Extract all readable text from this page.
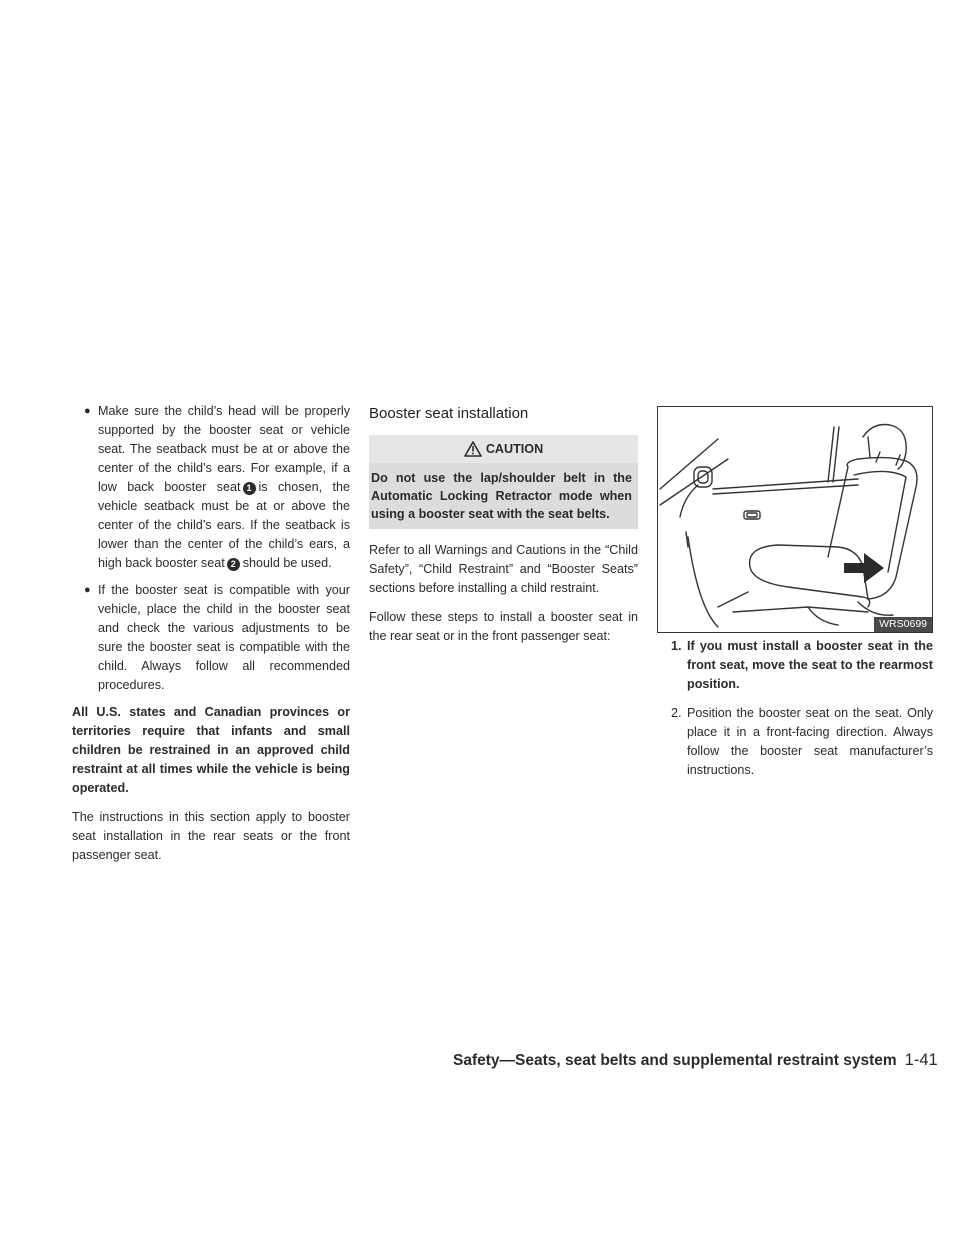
● Make sure the child’s head will be properly supported by the booster seat or vehicle seat. The seatback must be at or above the center of the child’s ears. For example, if a low back booster seat 1 is chosen, the vehicle seatback must be at or above the center of the child’s ears. If the seatback is lower than the center of the child’s ears, a high back booster seat 2 should be used.
● If the booster seat is compatible with your vehicle, place the child in the booster seat and check the various adjustments to be sure the booster seat is compatible with the child. Always follow all recommended procedures.

All U.S. states and Canadian provinces or territories require that infants and small children be restrained in an approved child restraint at all times while the vehicle is being operated.

The instructions in this section apply to booster seat installation in the rear seats or the front passenger seat.

Booster seat installation
CAUTION
Do not use the lap/shoulder belt in the Automatic Locking Retractor mode when using a booster seat with the seat belts.

Refer to all Warnings and Cautions in the “Child Safety”, “Child Restraint” and “Booster Seats” sections before installing a child restraint.

Follow these steps to install a booster seat in the rear seat or in the front passenger seat:

WRS0699
1. If you must install a booster seat in the front seat, move the seat to the rearmost position.
2. Position the booster seat on the seat. Only place it in a front-facing direction. Always follow the booster seat manufacturer’s instructions.
Safety—Seats, seat belts and supplemental restraint system 1-41
